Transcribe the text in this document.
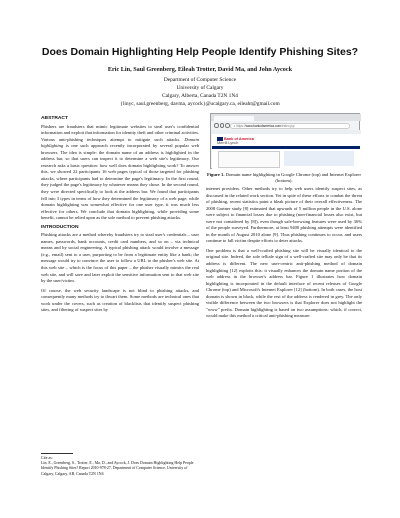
Does Domain Highlighting Help People Identify Phishing Sites?
Eric Lin, Saul Greenberg, Eileah Trotter, David Ma, and John Aycock
Department of Computer Science
University of Calgary
Calgary, Alberta, Canada T2N 1N4
{linyc, saul.greenberg, davma, aycock}@ucalgary.ca, eileaht@gmail.com
ABSTRACT

Phishers are fraudsters that mimic legitimate websites to steal user's confidential information and exploit that information for identity theft and other criminal activities. Various anti-phishing techniques attempt to mitigate such attacks. Domain highlighting is one such approach recently incorporated by several popular web browsers. The idea is simple: the domain name of an address is highlighted in the address bar, so that users can inspect it to determine a web site's legitimacy. Our research asks a basic question: how well does domain highlighting work? To answer this, we showed 22 participants 16 web pages typical of those targeted for phishing attacks, where participants had to determine the page's legitimacy. In the first round, they judged the page's legitimacy by whatever means they chose. In the second round, they were directed specifically to look at the address bar. We found that participants fell into 3 types in terms of how they determined the legitimacy of a web page; while domain highlighting was somewhat effective for one user type, it was much less effective for others. We conclude that domain highlighting, while providing some benefit, cannot be relied upon as the sole method to prevent phishing attacks.

INTRODUCTION

Phishing attacks are a method whereby fraudsters try to steal user's credentials – user names, passwords, bank accounts, credit card numbers, and so on – via technical means and by social engineering. A typical phishing attack would involve a message (e.g., email) sent to a user, purporting to be from a legitimate entity like a bank; the message would try to convince the user to follow a URL to the phisher's web site. At this web site – which is the focus of this paper – the phisher visually mimics the real web site, and will save and later exploit the sensitive information sent to that web site by the user/victim.

Of course, the web security landscape is not blind to phishing attacks, and consequently many methods try to thwart them. Some methods are technical ones that work under the covers, such as creation of blacklists that identify suspect phishing sites, and filtering of suspect sites by

Cite as:
Lin, E., Greenberg, S., Trotter, E., Ma, D., and Aycock, J. Does Domain Highlighting Help People Identify Phishing Sites? Report 2010-978-27, Department of Computer Science, University of Calgary, Calgary, AB, Canada T2N 1N4
▪ https://www.bankofamerica.com/index.jsp
Bank of America
Merrill Lynch
Figure 1. Domain name highlighting in Google Chrome (top) and Internet Explorer (bottom).

internet providers. Other methods try to help web users identify suspect sites, as discussed in the related work section. Yet in spite of these efforts to combat the threat of phishing, recent statistics paint a bleak picture of their overall effectiveness. The 2008 Gartner study [8] estimated that upwards of 5 million people in the U.S. alone were subject to financial losses due to phishing (non-financial losses also exist, but were not considered by [8]), even though safe-browsing features were used by 36% of the people surveyed. Furthermore, at least 9400 phishing attempts were identified in the month of August 2010 alone [9]. Thus phishing continues to occur, and users continue to fall victim despite efforts to deter attacks.

One problem is that a well-crafted phishing site will be visually identical to the original site. Indeed, the sole telltale sign of a well-crafted site may only be that its address is different. The new user-centric anti-phishing method of domain highlighting [12] exploits this: it visually enhances the domain name portion of the web address in the browser's address bar. Figure 1 illustrates how domain highlighting is incorporated in the default interface of recent releases of Google Chrome (top) and Microsoft's Internet Explorer [12] (bottom). In both cases, the host domain is shown in black, while the rest of the address is rendered in grey. The only visible difference between the two browsers is that Explorer does not highlight the "www" prefix. Domain highlighting is based on two assumptions: which, if correct, would make this method a critical anti-phishing measure:
